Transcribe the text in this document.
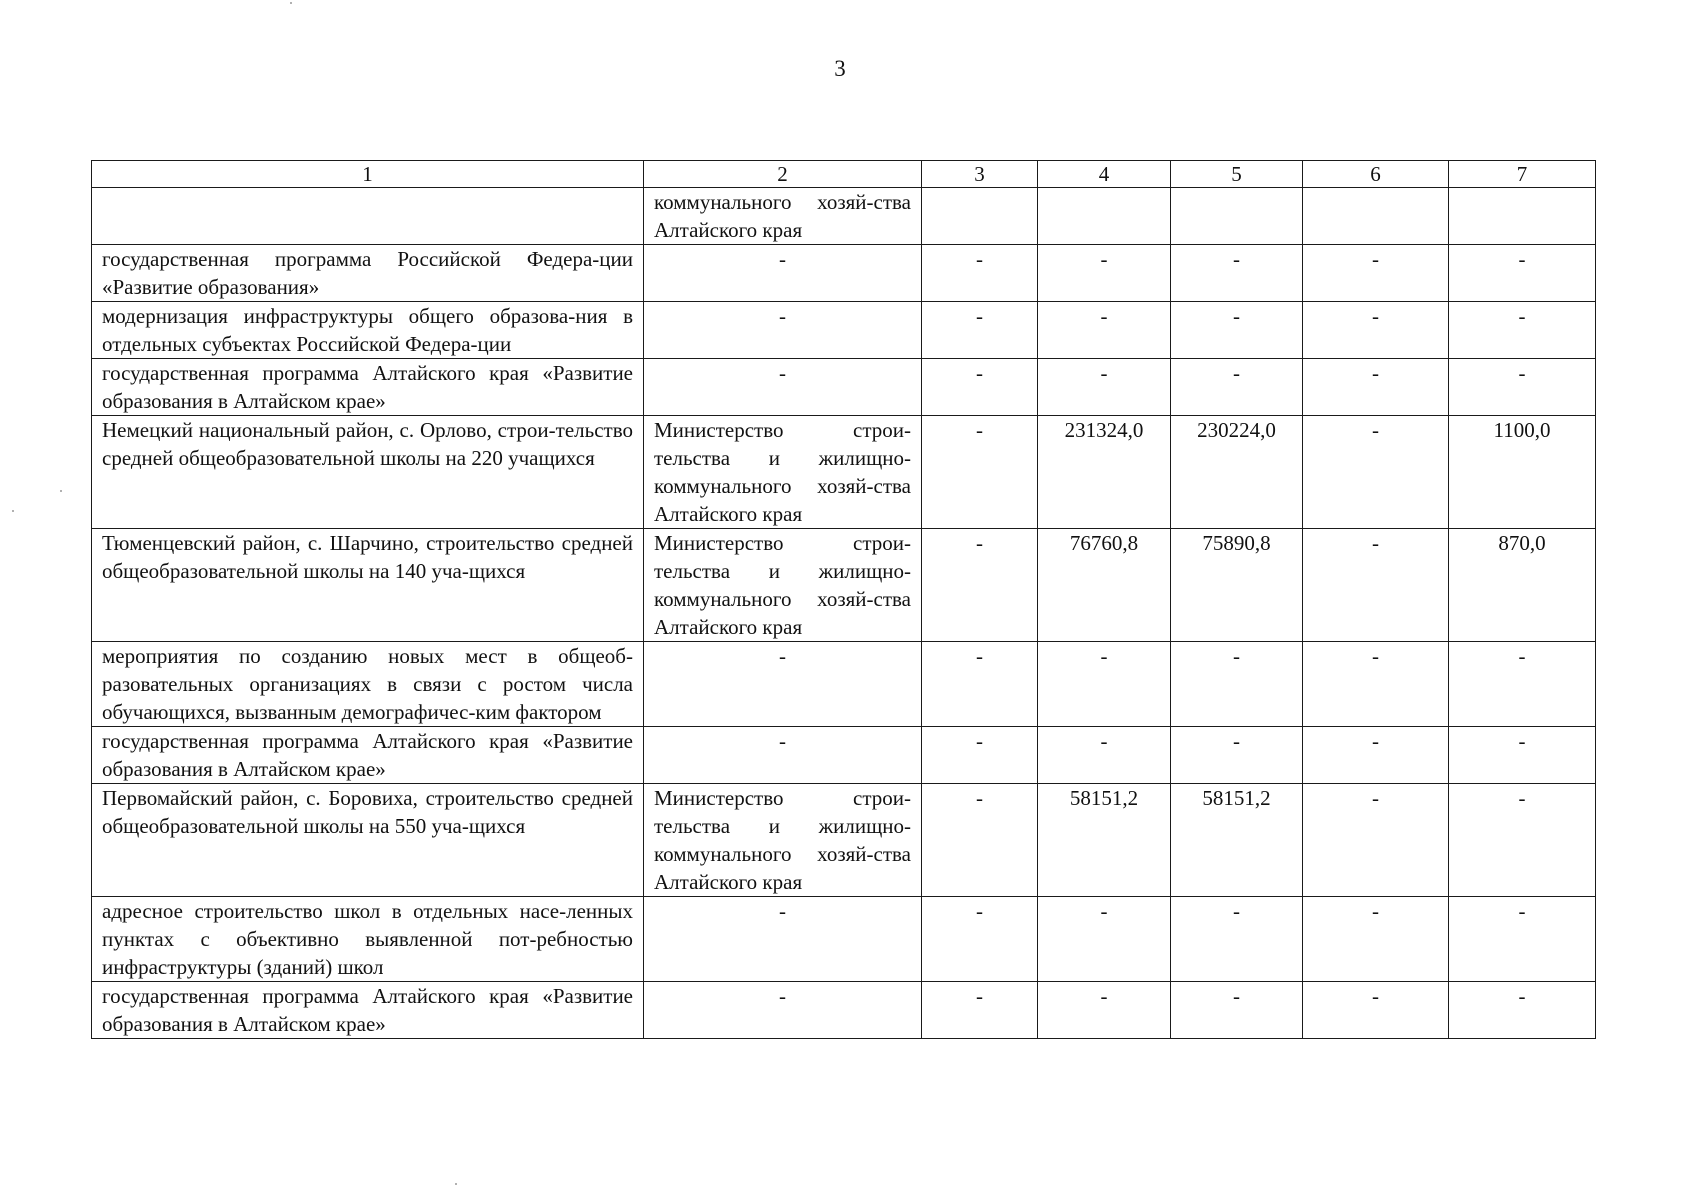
3
1	2	3	4	5	6	7
	коммунального хозяй-ства Алтайского края					
государственная программа Российской Федера-ции «Развитие образования»	-	-	-	-	-	-
модернизация инфраструктуры общего образова-ния в отдельных субъектах Российской Федера-ции	-	-	-	-	-	-
государственная программа Алтайского края «Развитие образования в Алтайском крае»	-	-	-	-	-	-
Немецкий национальный район, с. Орлово, строи-тельство средней общеобразовательной школы на 220 учащихся	Министерство строи-тельства и жилищно-коммунального хозяй-ства Алтайского края	-	231324,0	230224,0	-	1100,0
Тюменцевский район, с. Шарчино, строительство средней общеобразовательной школы на 140 уча-щихся	Министерство строи-тельства и жилищно-коммунального хозяй-ства Алтайского края	-	76760,8	75890,8	-	870,0
мероприятия по созданию новых мест в общеоб-разовательных организациях в связи с ростом числа обучающихся, вызванным демографичес-ким фактором	-	-	-	-	-	-
государственная программа Алтайского края «Развитие образования в Алтайском крае»	-	-	-	-	-	-
Первомайский район, с. Боровиха, строительство средней общеобразовательной школы на 550 уча-щихся	Министерство строи-тельства и жилищно-коммунального хозяй-ства Алтайского края	-	58151,2	58151,2	-	-
адресное строительство школ в отдельных насе-ленных пунктах с объективно выявленной пот-ребностью инфраструктуры (зданий) школ	-	-	-	-	-	-
государственная программа Алтайского края «Развитие образования в Алтайском крае»	-	-	-	-	-	-
